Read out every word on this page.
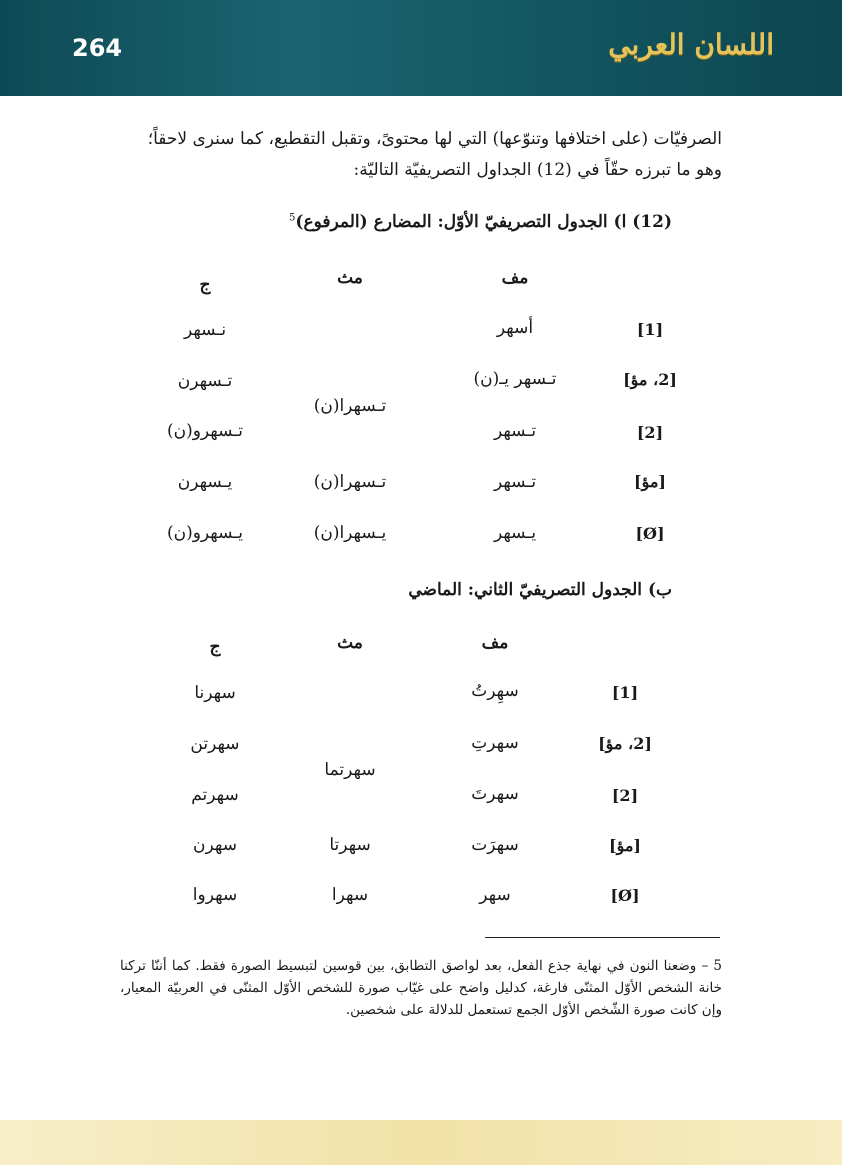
264	اللسان العربي
الصرفيّات (على اختلافها وتنوّعها) التي لها محتوىً، وتقبل التقطيع، كما سنرى لاحقاً؛ وهو ما تبرزه حقّاً في (12) الجداول التصريفيّة التاليّة:
(12) ا) الجدول التصريفيّ الأوّل: المضارع (المرفوع)$^5$
مف
مث
ج
[1]
أسهر
نـسهر
[2، مؤ]
تـسهر يـ(ن)
تـسهرن
تـسهرا(ن)
[2]
تـسهر
تـسهرو(ن)
[مؤ]
تـسهر
تـسهرا(ن)
يـسهرن
[Ø]
يـسهر
يـسهرا(ن)
يـسهرو(ن)
ب) الجدول التصريفيّ الثاني: الماضي
مف
مث
ج
[1]
سهِرتُ
سهرنا
[2، مؤ]
سهرتِ
سهرتن
سهرتما
[2]
سهرتَ
سهرتم
[مؤ]
سهرَت
سهرتا
سهرن
[Ø]
سهر
سهرا
سهروا
5 – وضعنا النون في نهاية جذع الفعل، بعد لواصق التطابق، بين قوسين لتبسيط الصورة فقط. كما أننّا تركنا خانة الشخص الأوّل المثنّى فارغة، كدليل واضح على غيّاب صورة للشخص الأوّل المثنّى في العربيّة المعيار، وإن كانت صورة الشّخص الأوّل الجمع تستعمل للدلالة على شخصين.
